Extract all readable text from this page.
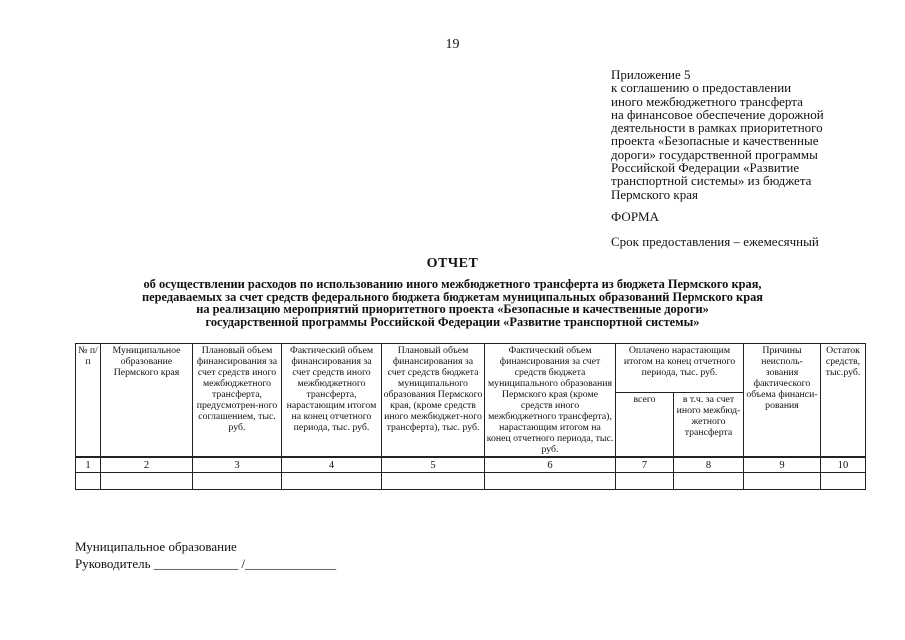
19
Приложение 5
к соглашению о предоставлении
иного межбюджетного трансферта
на финансовое обеспечение дорожной
деятельности в рамках приоритетного
проекта «Безопасные и качественные
дороги» государственной программы
Российской Федерации «Развитие
транспортной системы» из бюджета
Пермского края
ФОРМА
Срок предоставления – ежемесячный
ОТЧЕТ
об осуществлении расходов по использованию иного межбюджетного трансферта из бюджета Пермского края,
передаваемых за счет средств федерального бюджета бюджетам муниципальных образований Пермского края
на реализацию мероприятий приоритетного проекта «Безопасные и качественные дороги»
государственной программы Российской Федерации «Развитие транспортной системы»
№ п/п	Муниципальное образование Пермского края	Плановый объем финансирования за счет средств иного межбюджетного трансферта, предусмотрен-ного соглашением, тыс. руб.	Фактический объем финансирования за счет средств иного межбюджетного трансферта, нарастающим итогом на конец отчетного периода, тыс. руб.	Плановый объем финансирования за счет средств бюджета муниципального образования Пермского края, (кроме средств иного межбюджет-ного трансферта), тыс. руб.	Фактический объем финансирования за счет средств бюджета муниципального образования Пермского края (кроме средств иного межбюджетного трансферта), нарастающим итогом на конец отчетного периода, тыс. руб.	Оплачено нарастающим итогом на конец отчетного периода, тыс. руб.		Причины неисполь-зования фактического объема финанси-рования	Остаток средств, тыс.руб.
						всего	в т.ч. за счет иного межбюд-жетного трансферта		
1	2	3	4	5	6	7	8	9	10

Муниципальное образование
Руководитель _____________ /______________
